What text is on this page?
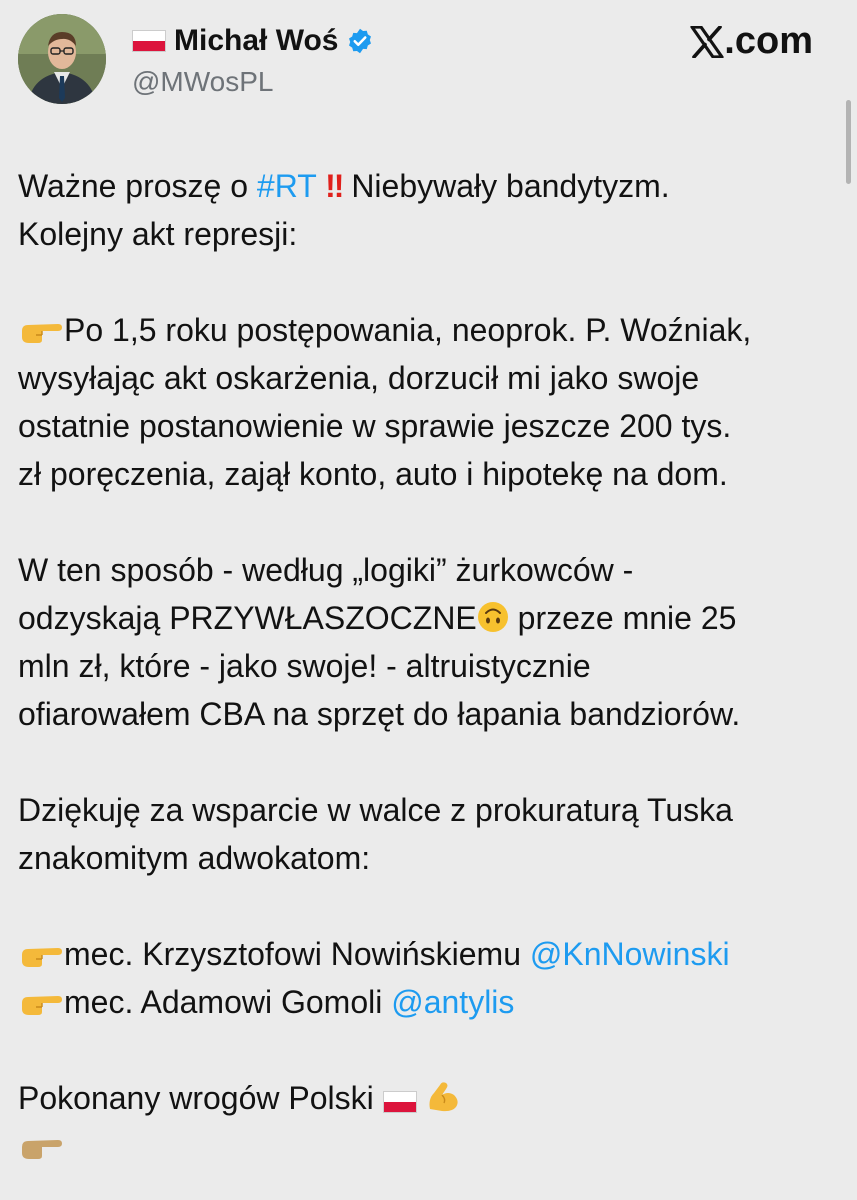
Michał Woś
@MWosPL
.com
Ważne proszę o #RT !! Niebywały bandytyzm.
Kolejny akt represji:
Po 1,5 roku postępowania, neoprok. P. Woźniak,
wysyłając akt oskarżenia, dorzucił mi jako swoje
ostatnie postanowienie w sprawie jeszcze 200 tys.
zł poręczenia, zajął konto, auto i hipotekę na dom.
W ten sposób - według „logiki” żurkowców -
odzyskają PRZYWŁASZOCZNE przeze mnie 25
mln zł, które - jako swoje! - altruistycznie
ofiarowałem CBA na sprzęt do łapania bandziorów.
Dziękuję za wsparcie w walce z prokuraturą Tuska
znakomitym adwokatom:
mec. Krzysztofowi Nowińskiemu @KnNowinski
mec. Adamowi Gomoli @antylis
Pokonany wrogów Polski
